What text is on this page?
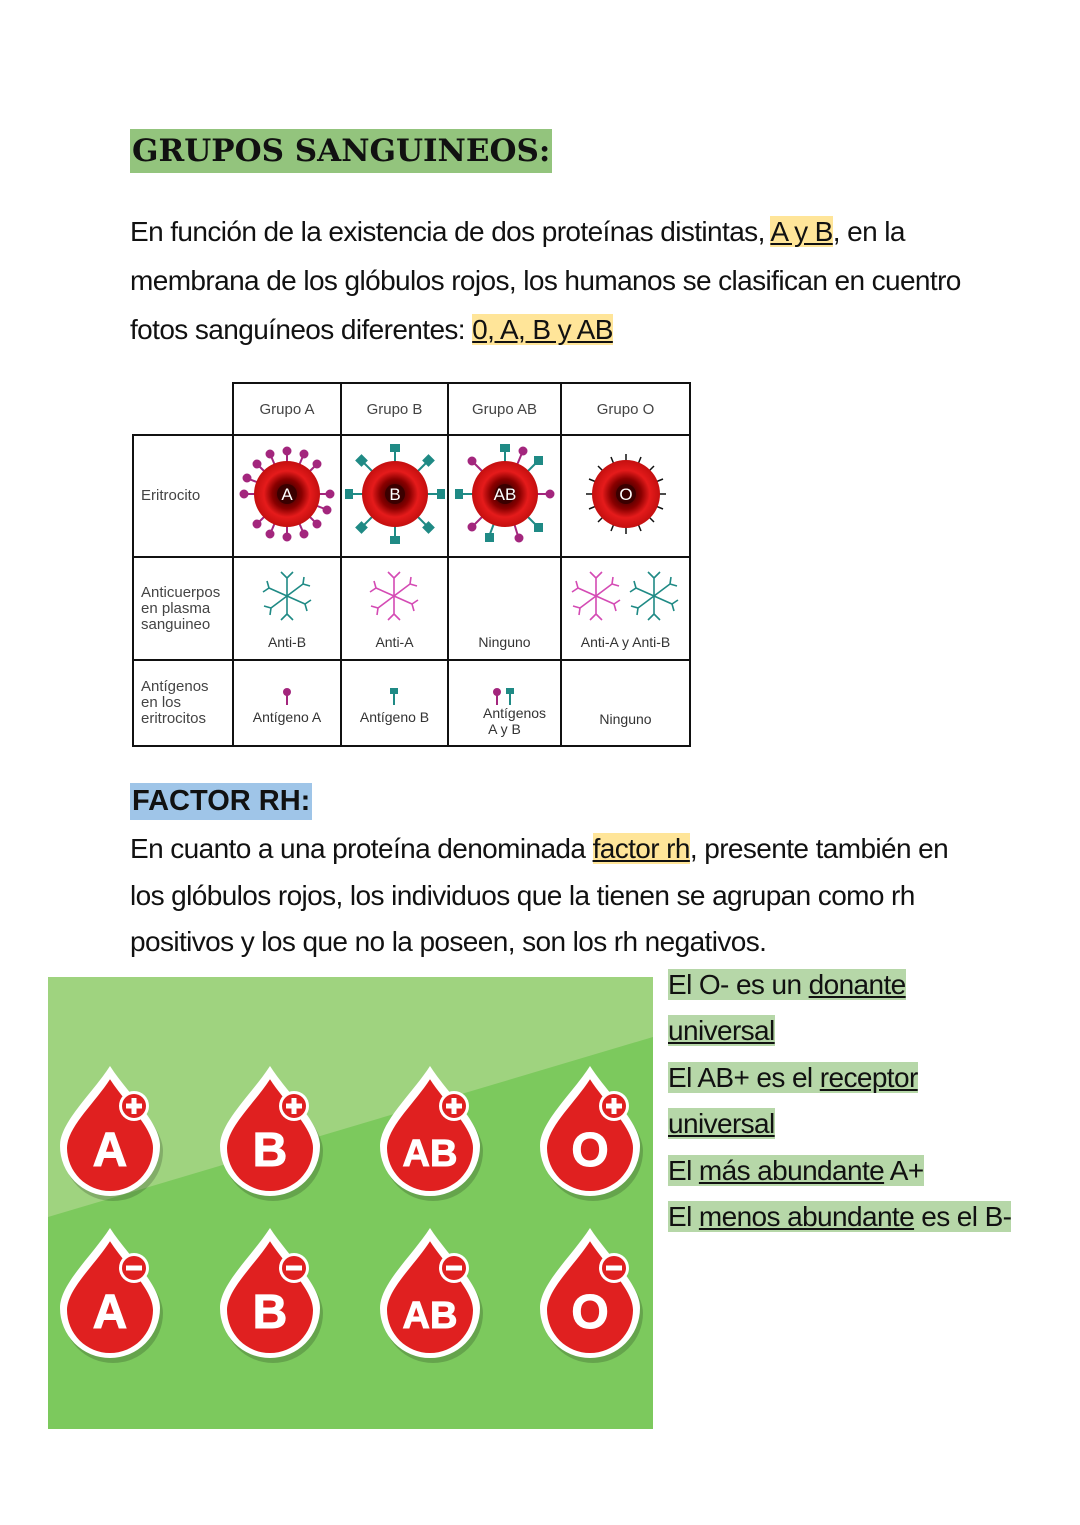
GRUPOS SANGUINEOS:
En función de la existencia de dos proteínas distintas, A y B, en la membrana de los glóbulos rojos, los humanos se clasifican en cuentro fotos sanguíneos diferentes: 0, A, B y AB
	Grupo A	Grupo B	Grupo AB	Grupo O
Eritrocito	A	B	AB	O

Anticuerpos en plasma sanguineo	Anti-B	Anti-A	Ninguno	Anti-A y Anti-B

Antígenos en los eritrocitos	Antígeno A	Antígeno B	Antígenos A y B	Ninguno
FACTOR RH:
En cuanto a una proteína denominada factor rh, presente también en los glóbulos rojos, los individuos que la tienen se agrupan como rh positivos y los que no la poseen, son los rh negativos.
A	B	AB O
A	B	AB O
El O- es un donante
universal
El AB+ es el receptor
universal
El más abundante A+
El menos abundante es el B-
